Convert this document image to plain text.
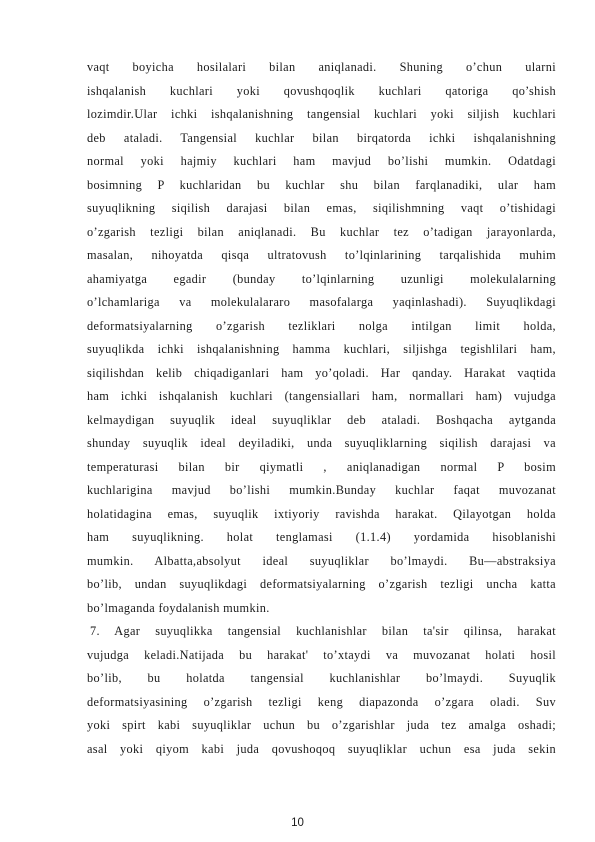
vaqt boyicha hosilalari bilan aniqlanadi. Shuning o’chun ularni
ishqalanish kuchlari yoki qovushqoqlik kuchlari qatoriga qo’shish
lozimdir.Ular ichki ishqalanishning tangensial kuchlari yoki siljish kuchlari
deb ataladi. Tangensial kuchlar bilan birqatorda ichki ishqalanishning
normal yoki hajmiy kuchlari ham mavjud bo’lishi mumkin. Odatdagi
bosimning P kuchlaridan bu kuchlar shu bilan farqlanadiki, ular ham
suyuqlikning siqilish darajasi bilan emas, siqilishmning vaqt o’tishidagi
o’zgarish tezligi bilan aniqlanadi. Bu kuchlar tez o’tadigan jarayonlarda,
masalan, nihoyatda qisqa ultratovush to’lqinlarining tarqalishida muhim
ahamiyatga egadir (bunday to’lqinlarning uzunligi molekulalarning
o’lchamlariga va molekulalararo masofalarga yaqinlashadi). Suyuqlikdagi
deformatsiyalarning o’zgarish tezliklari nolga intilgan limit holda,
suyuqlikda ichki ishqalanishning hamma kuchlari, siljishga tegishlilari ham,
siqilishdan kelib chiqadiganlari ham yo’qoladi. Har qanday. Harakat vaqtida
ham ichki ishqalanish kuchlari (tangensiallari ham, normallari ham) vujudga
kelmaydigan suyuqlik ideal suyuqliklar deb ataladi. Boshqacha aytganda
shunday suyuqlik ideal deyiladiki, unda suyuqliklarning siqilish darajasi va
temperaturasi bilan bir qiymatli , aniqlanadigan normal P bosim
kuchlarigina mavjud bo’lishi mumkin.Bunday kuchlar faqat muvozanat
holatidagina emas, suyuqlik ixtiyoriy ravishda harakat. Qilayotgan holda
ham suyuqlikning. holat tenglamasi (1.1.4) yordamida hisoblanishi
mumkin. Albatta,absolyut ideal suyuqliklar bo’lmaydi. Bu—abstraksiya
bo’lib, undan suyuqlikdagi deformatsiyalarning o’zgarish tezligi uncha katta
bo’lmaganda foydalanish mumkin.
7. Agar suyuqlikka tangensial kuchlanishlar bilan ta'sir qilinsa, harakat
vujudga keladi.Natijada bu harakat' to’xtaydi va muvozanat holati hosil
bo’lib, bu holatda tangensial kuchlanishlar bo’lmaydi. Suyuqlik
deformatsiyasining o’zgarish tezligi keng diapazonda o’zgara oladi. Suv
yoki spirt kabi suyuqliklar uchun bu o’zgarishlar juda tez amalga oshadi;
asal yoki qiyom kabi juda qovushoqoq suyuqliklar uchun esa juda sekin
10
